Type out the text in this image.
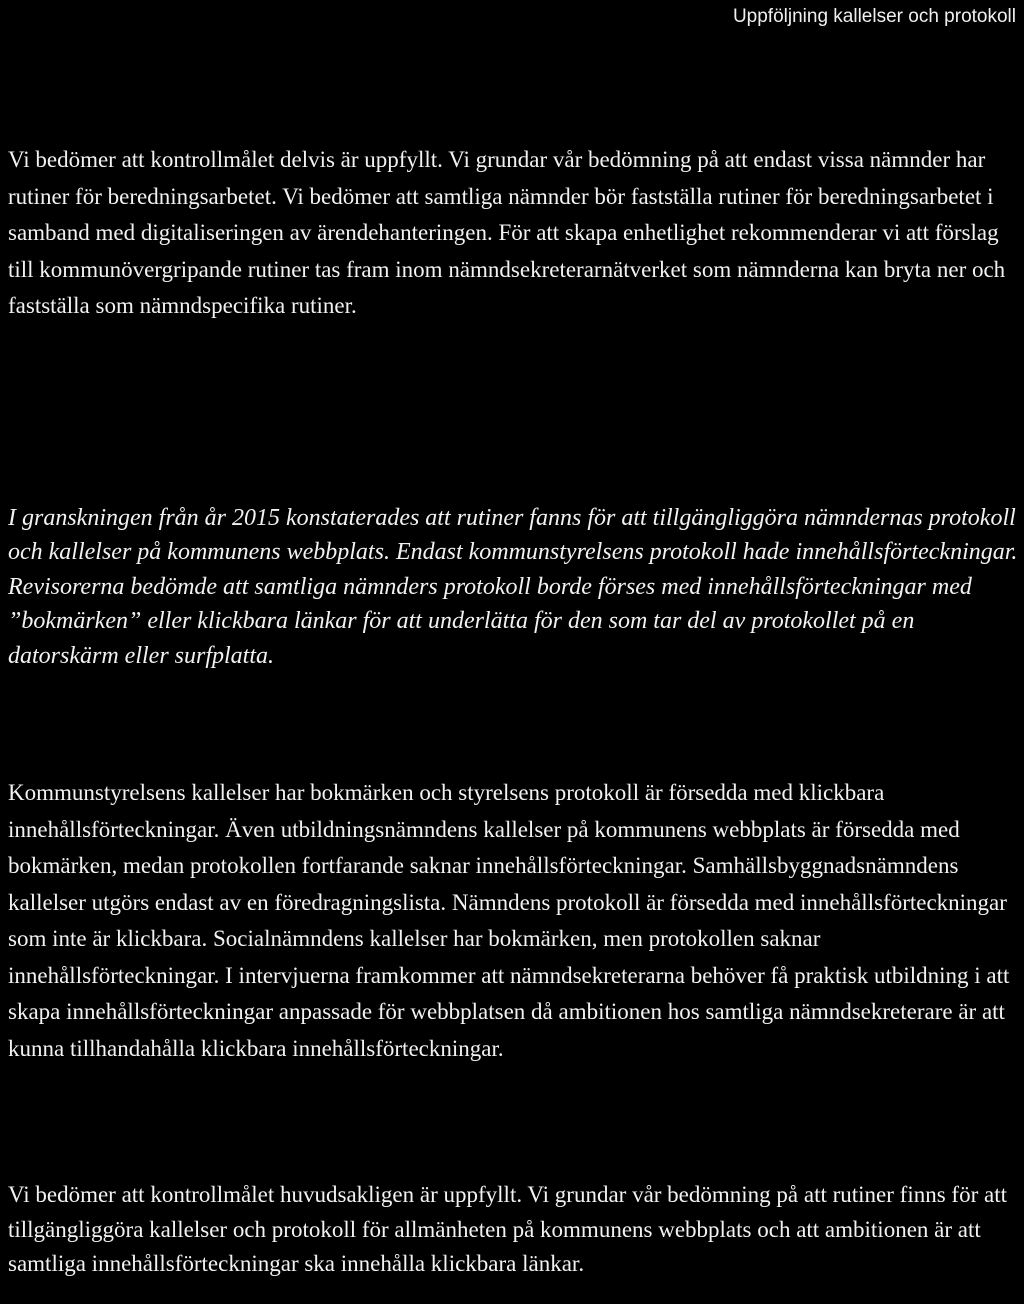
Uppföljning kallelser och protokoll

Vi bedömer att kontrollmålet delvis är uppfyllt. Vi grundar vår bedömning på att endast vissa nämnder har rutiner för beredningsarbetet. Vi bedömer att samtliga nämnder bör fastställa rutiner för beredningsarbetet i samband med digitaliseringen av ärendehanteringen. För att skapa enhetlighet rekommenderar vi att förslag till kommunövergripande rutiner tas fram inom nämndsekreterarnätverket som nämnderna kan bryta ner och fastställa som nämndspecifika rutiner.

I granskningen från år 2015 konstaterades att rutiner fanns för att tillgängliggöra nämndernas protokoll och kallelser på kommunens webbplats. Endast kommunstyrelsens protokoll hade innehållsförteckningar. Revisorerna bedömde att samtliga nämnders protokoll borde förses med innehållsförteckningar med ”bokmärken” eller klickbara länkar för att underlätta för den som tar del av protokollet på en datorskärm eller surfplatta.

Kommunstyrelsens kallelser har bokmärken och styrelsens protokoll är försedda med klickbara innehållsförteckningar. Även utbildningsnämndens kallelser på kommunens webbplats är försedda med bokmärken, medan protokollen fortfarande saknar innehållsförteckningar. Samhällsbyggnadsnämndens kallelser utgörs endast av en föredragningslista. Nämndens protokoll är försedda med innehållsförteckningar som inte är klickbara. Socialnämndens kallelser har bokmärken, men protokollen saknar innehållsförteckningar. I intervjuerna framkommer att nämndsekreterarna behöver få praktisk utbildning i att skapa innehållsförteckningar anpassade för webbplatsen då ambitionen hos samtliga nämndsekreterare är att kunna tillhandahålla klickbara innehållsförteckningar.

Vi bedömer att kontrollmålet huvudsakligen är uppfyllt. Vi grundar vår bedömning på att rutiner finns för att tillgängliggöra kallelser och protokoll för allmänheten på kommunens webbplats och att ambitionen är att samtliga innehållsförteckningar ska innehålla klickbara länkar.
